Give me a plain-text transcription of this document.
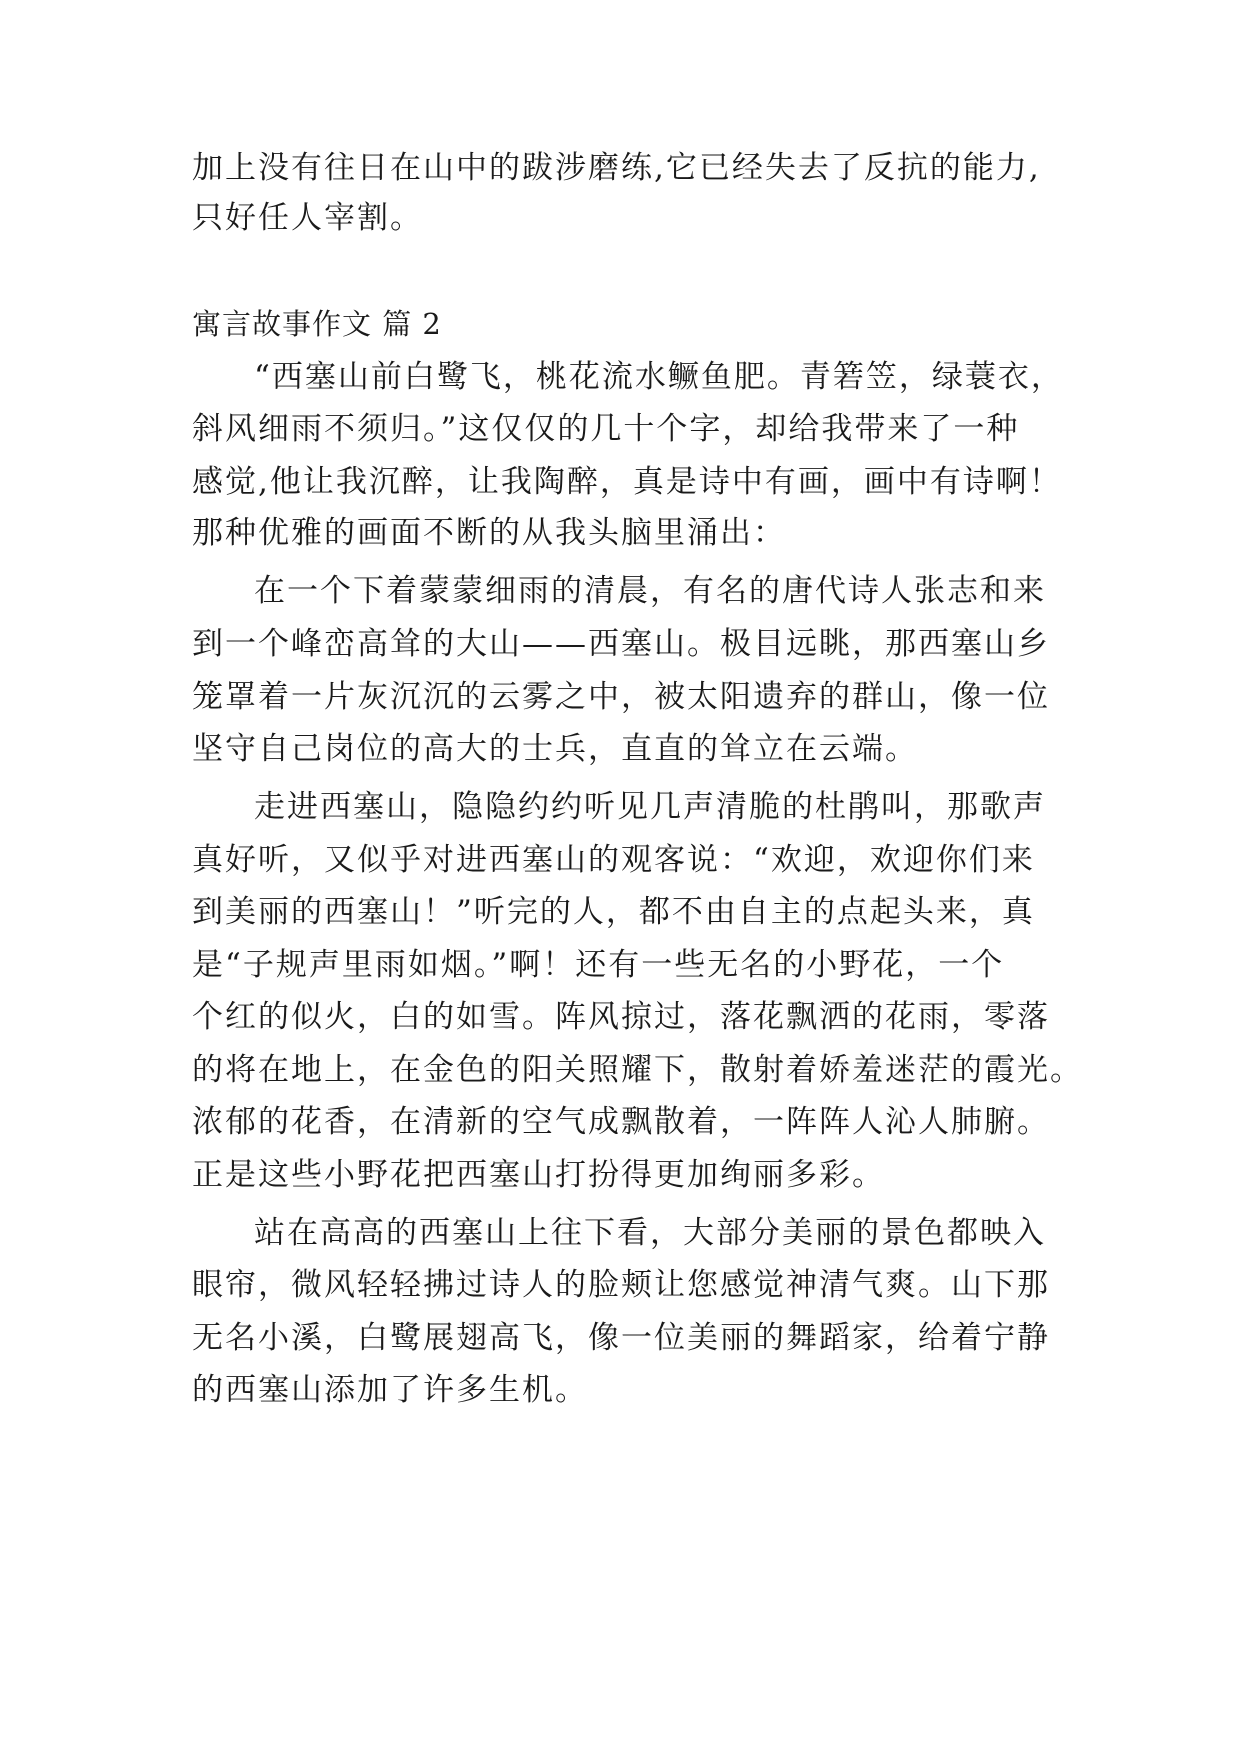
加上没有往日在山中的跋涉磨练,它已经失去了反抗的能力,
只好任人宰割。
寓言故事作文 篇 2
“西塞山前白鹭飞，桃花流水鳜鱼肥。青箬笠，绿蓑衣，
斜风细雨不须归。”这仅仅的几十个字，却给我带来了一种
感觉,他让我沉醉，让我陶醉，真是诗中有画，画中有诗啊！
那种优雅的画面不断的从我头脑里涌出：
在一个下着蒙蒙细雨的清晨，有名的唐代诗人张志和来
到一个峰峦高耸的大山——西塞山。极目远眺，那西塞山乡
笼罩着一片灰沉沉的云雾之中，被太阳遗弃的群山，像一位
坚守自己岗位的高大的士兵，直直的耸立在云端。
走进西塞山，隐隐约约听见几声清脆的杜鹃叫，那歌声
真好听，又似乎对进西塞山的观客说：“欢迎，欢迎你们来
到美丽的西塞山！”听完的人，都不由自主的点起头来，真
是“子规声里雨如烟。”啊！还有一些无名的小野花，一个
个红的似火，白的如雪。阵风掠过，落花飘洒的花雨，零落
的将在地上，在金色的阳关照耀下，散射着娇羞迷茫的霞光。
浓郁的花香，在清新的空气成飘散着，一阵阵人沁人肺腑。
正是这些小野花把西塞山打扮得更加绚丽多彩。
站在高高的西塞山上往下看，大部分美丽的景色都映入
眼帘，微风轻轻拂过诗人的脸颊让您感觉神清气爽。山下那
无名小溪，白鹭展翅高飞，像一位美丽的舞蹈家，给着宁静
的西塞山添加了许多生机。
